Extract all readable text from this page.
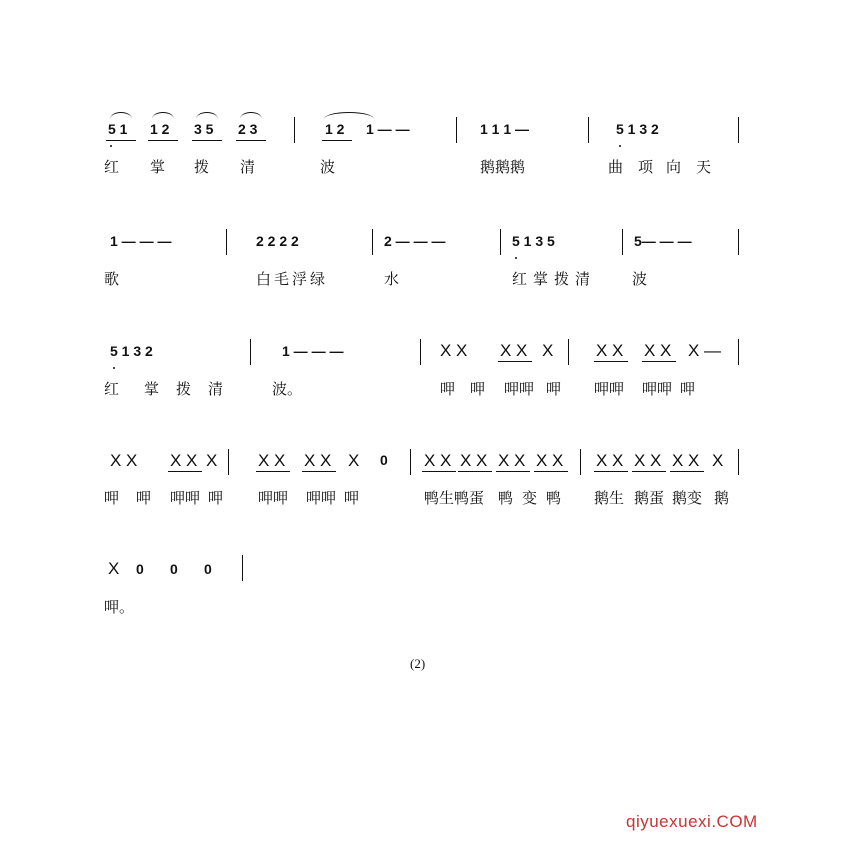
5 1 1 2 3 5 2 3	1 2 1 — —	1 1 1 —	5 1 3 2
红 掌 拨 清	波	鹅鹅鹅	曲 项 向 天
1 — — —	2 2 2 2	2 — — —	5 1 3 5	5— — —
歌	白毛浮绿	水	红掌拨清 波
5 1 3 2	1 — — —	X X X X X	X X X X X —
红 掌 拨 清	波。	呷 呷 呷呷 呷 呷呷 呷呷 呷
X X X X X X X X X X 0 X X X X X X X X X X X X X X X
呷 呷 呷呷 呷 呷呷 呷呷 呷	鸭生鸭蛋 鸭 变 鸭 鹅生 鹅蛋 鹅变 鹅
X 0 0 0
呷。
(2)
qiyuexuexi.COM
